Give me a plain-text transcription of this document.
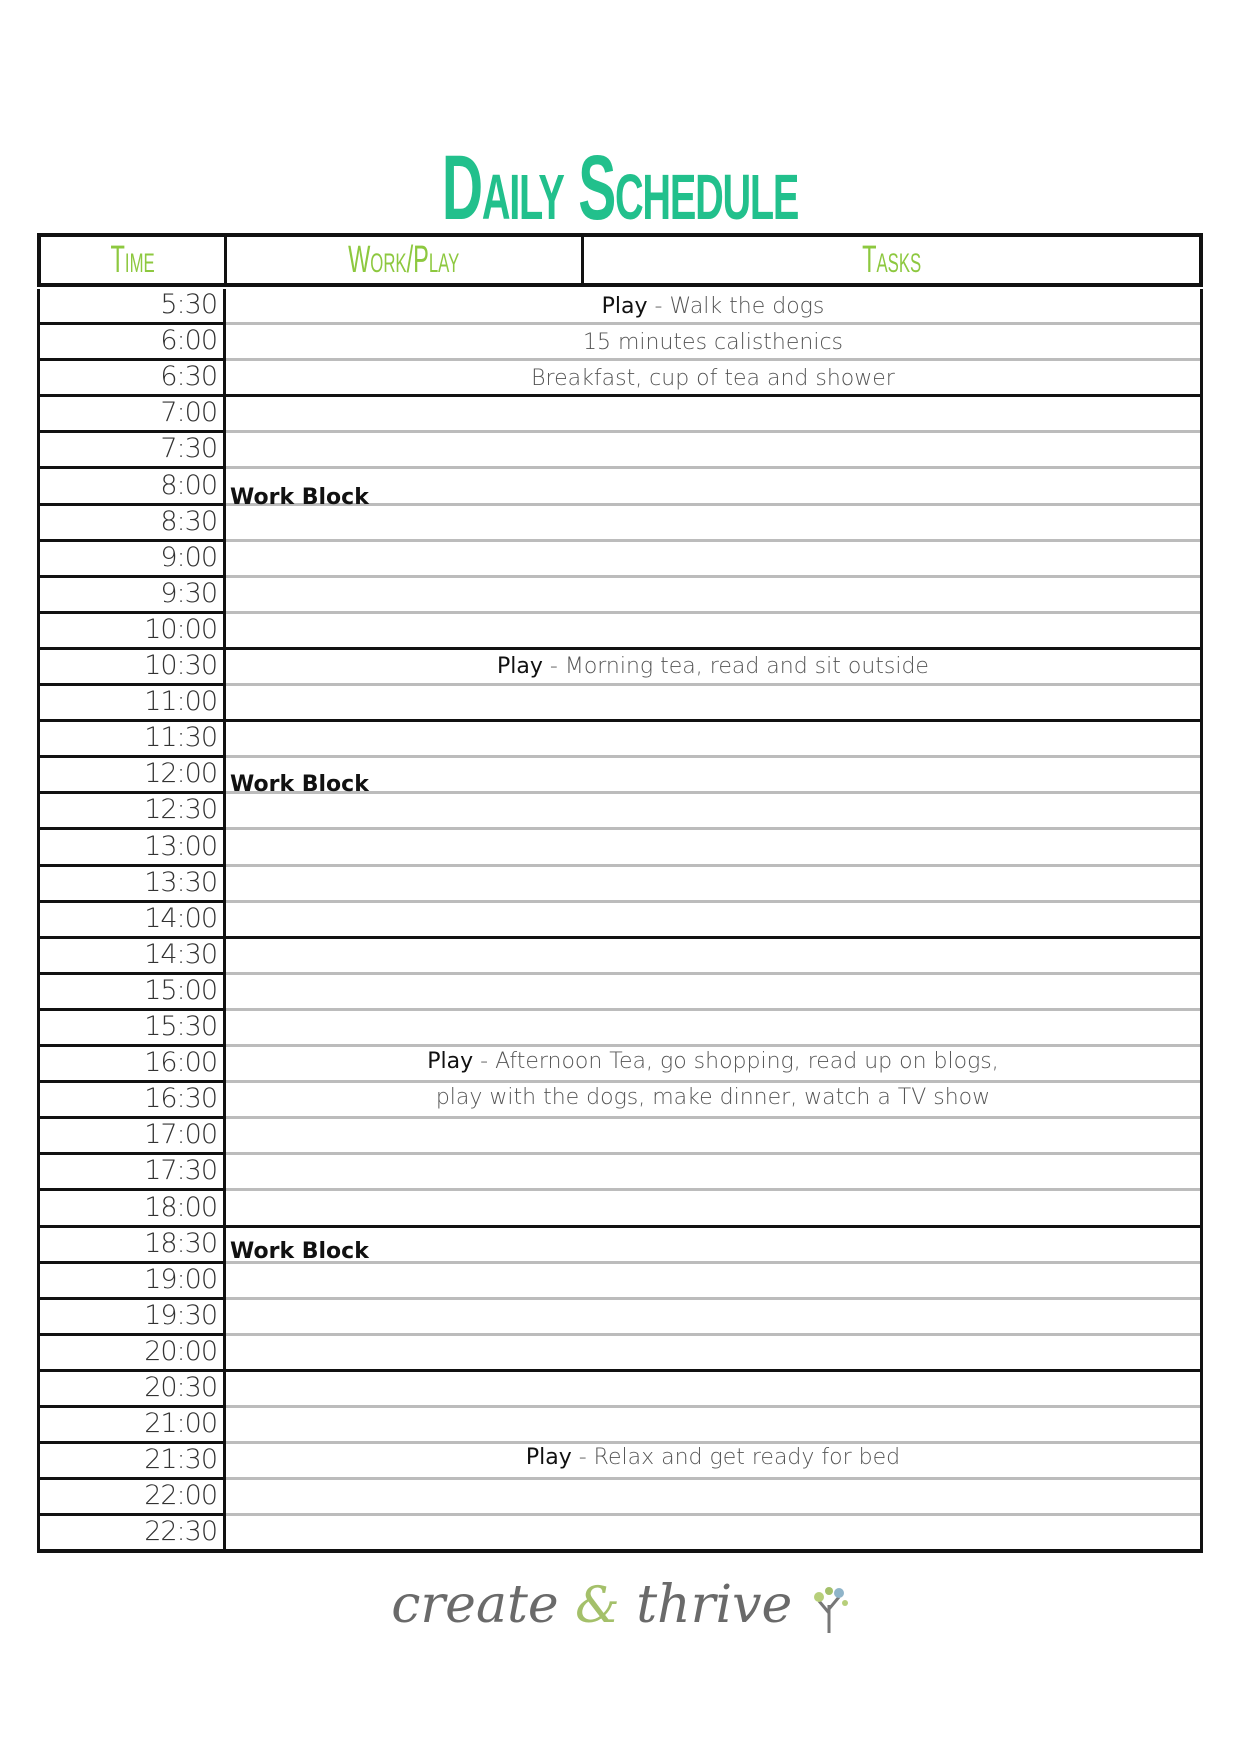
Daily Schedule
Time	Work/Play	Tasks
5:30
6:00
6:30
7:00
7:30
8:00
8:30
9:00
9:30
10:00
10:30
11:00
11:30
12:00
12:30
13:00
13:30
14:00
14:30
15:00
15:30
16:00
16:30
17:00
17:30
18:00
18:30
19:00
19:30
20:00
20:30
21:00
21:30
22:00
22:30
Work Block
Work Block
Work Block
Play - Walk the dogs
15 minutes calisthenics
Breakfast, cup of tea and shower
Play - Morning tea, read and sit outside
Play - Afternoon Tea, go shopping, read up on blogs,
play with the dogs, make dinner, watch a TV show
Play - Relax and get ready for bed
create & thrive
